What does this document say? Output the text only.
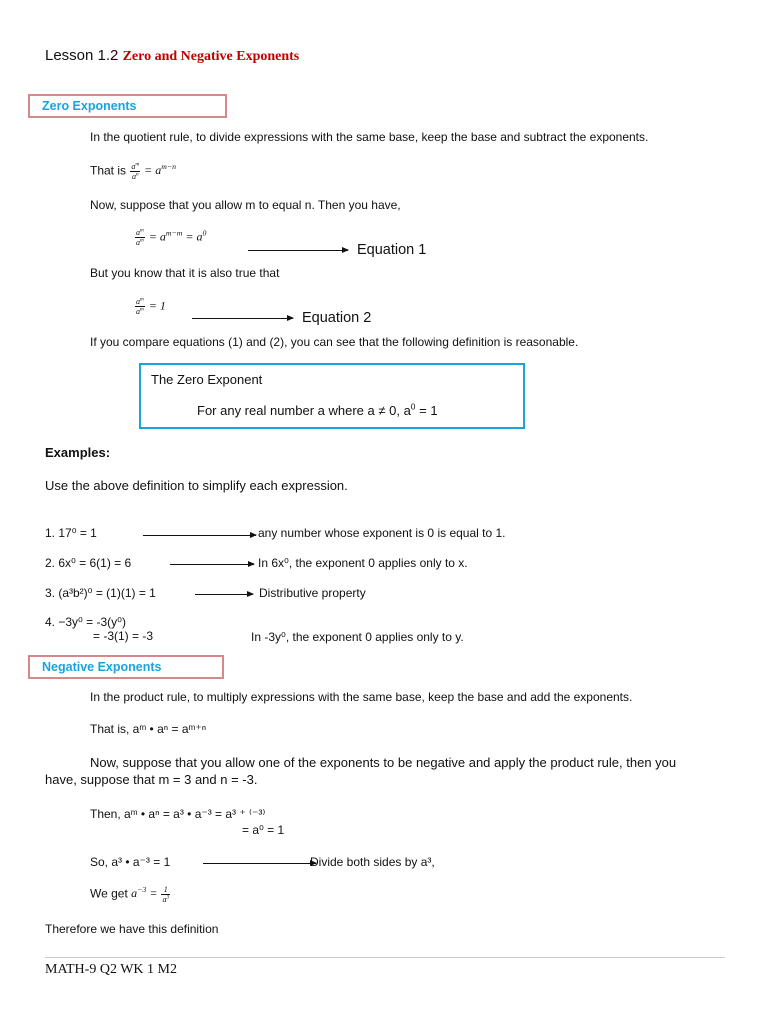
Lesson 1.2 Zero and Negative Exponents
Zero Exponents
In the quotient rule, to divide expressions with the same base, keep the base and subtract the exponents.
That is $\frac{a^m}{a^n} = a^{m-n}$
Now, suppose that you allow m to equal n. Then you have,
$\frac{a^m}{a^m} = a^{m-m} = a^0$
Equation 1
But you know that it is also true that
$\frac{a^m}{a^m} = 1$
Equation 2
If you compare equations (1) and (2), you can see that the following definition is reasonable.
The Zero Exponent
For any real number a where a ≠ 0, $a^0 = 1$
Examples:
Use the above definition to simplify each expression.
1. 17⁰ = 1	any number whose exponent is 0 is equal to 1.
2. 6x⁰ = 6(1) = 6	In 6x⁰, the exponent 0 applies only to x.
3. (a³b²)⁰ = (1)(1) = 1	Distributive property
4. −3y⁰ = -3(y⁰)
= -3(1) = -3	In -3y⁰, the exponent 0 applies only to y.
Negative Exponents
In the product rule, to multiply expressions with the same base, keep the base and add the exponents.
That is, aᵐ • aⁿ = aᵐ⁺ⁿ
Now, suppose that you allow one of the exponents to be negative and apply the product rule, then you
have, suppose that m = 3 and n = -3.
Then, aᵐ • aⁿ = a³ • a⁻³ = a³ ⁺ ⁽⁻³⁾
= a⁰ = 1
So, a³ • a⁻³ = 1	Divide both sides by a³,
We get $a^{-3} = \frac{1}{a^3}$
Therefore we have this definition
MATH-9 Q2 WK 1 M2
